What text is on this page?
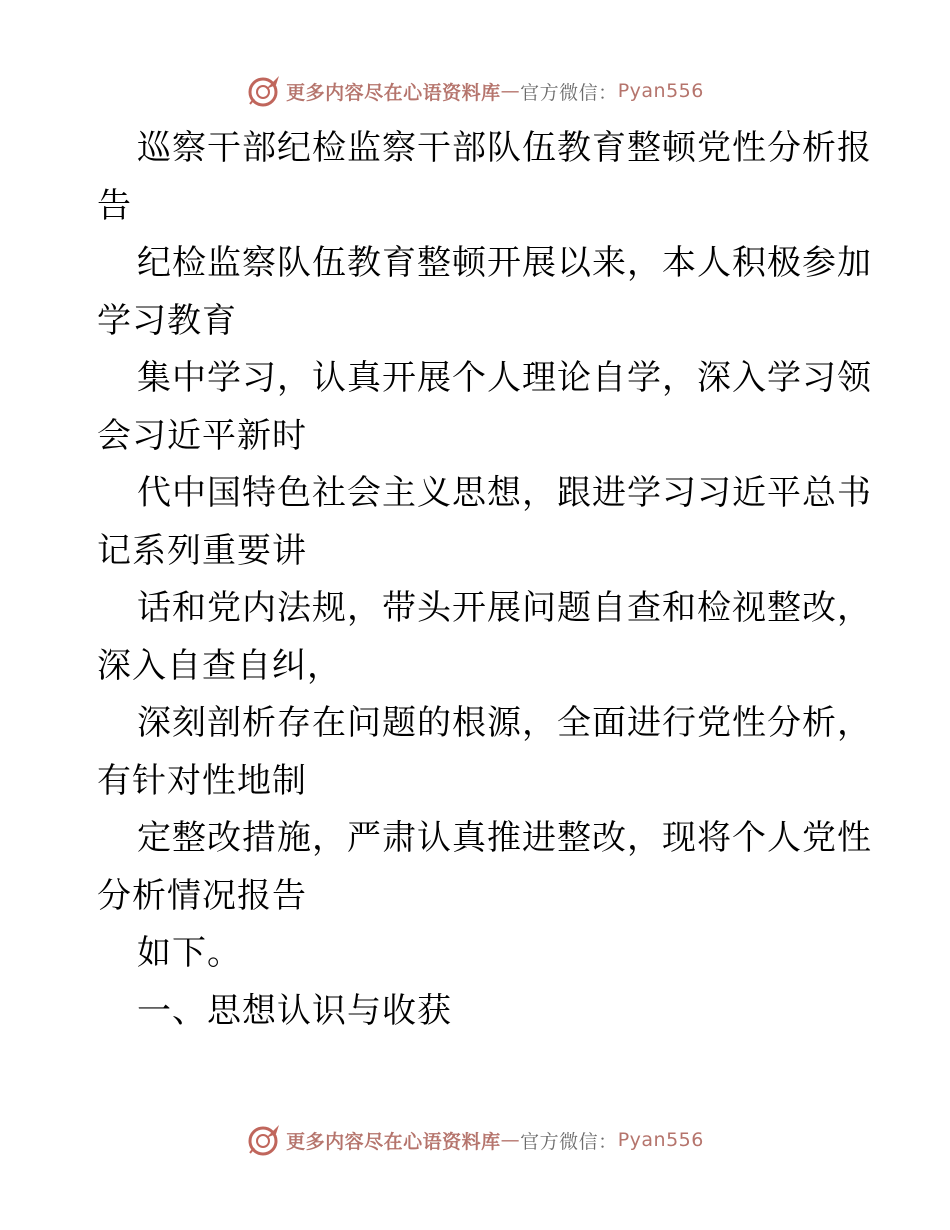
更多内容尽在心语资料库 — 官方微信： Pyan556
巡察干部纪检监察干部队伍教育整顿党性分析报
告
纪检监察队伍教育整顿开展以来，本人积极参加
学习教育
集中学习，认真开展个人理论自学，深入学习领
会习近平新时
代中国特色社会主义思想，跟进学习习近平总书
记系列重要讲
话和党内法规，带头开展问题自查和检视整改，
深入自查自纠，
深刻剖析存在问题的根源，全面进行党性分析，
有针对性地制
定整改措施，严肃认真推进整改，现将个人党性
分析情况报告
如下。
一、思想认识与收获
更多内容尽在心语资料库 — 官方微信： Pyan556
